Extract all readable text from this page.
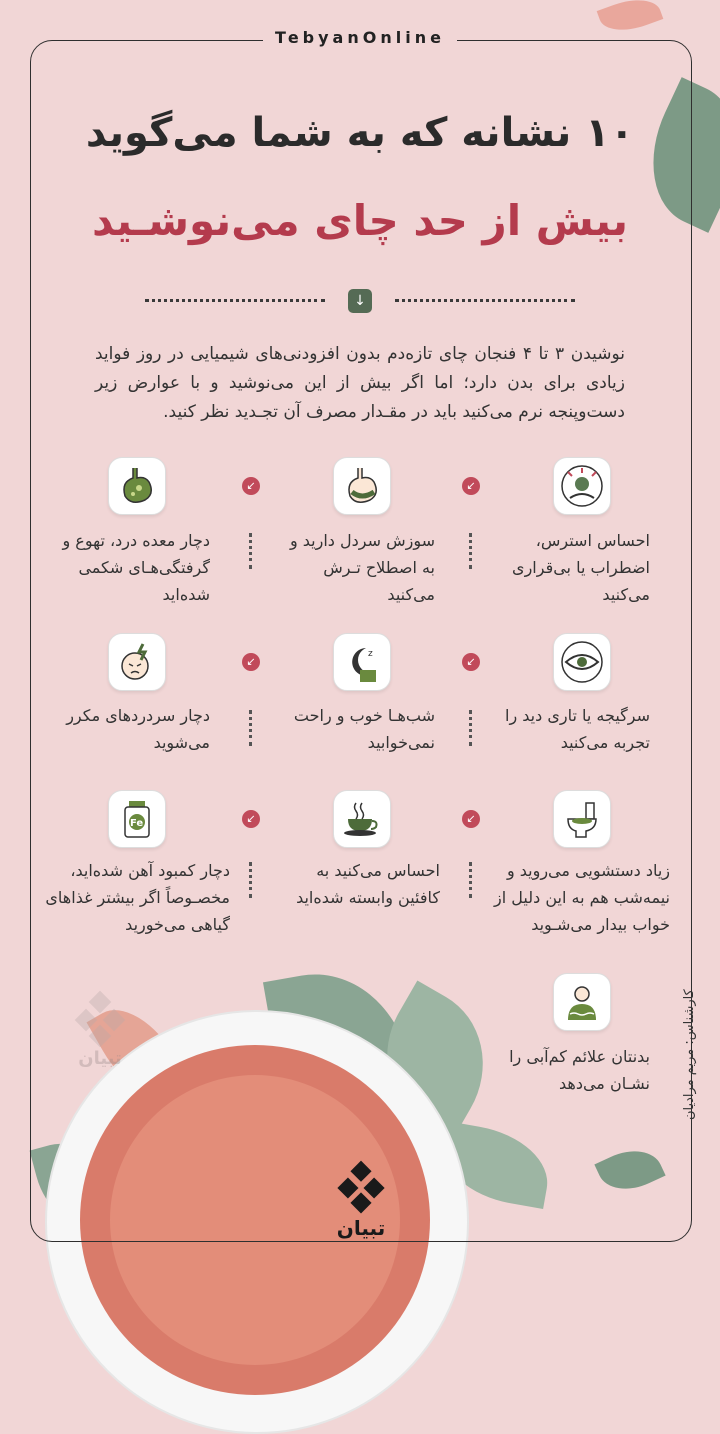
TebyanOnline
۱۰ نشانه که به شما می‌گوید
بیش از حد چای می‌نوشـید
↓
نوشیدن ۳ تا ۴ فنجان چای تازه‌دم بدون افزودنی‌های شیمیایی در روز فواید زیادی برای بدن دارد؛ اما اگر بیش از این می‌نوشید و با عوارض زیر دست‌وپنجه نرم می‌کنید باید در مقـدار مصرف آن تجـدید نظر کنید.
↙
↙
احساس استرس، اضطراب یا بی‌قراری می‌کنید
سوزش سردل دارید و به اصطلاح تـرش می‌کنید
دچار معده درد، تهوع و گرفتگی‌هـای شکمی شده‌اید
z
↙
↙
سرگیجه یا تاری دید را تجربه می‌کنید
شب‌هـا خوب و راحت نمی‌خوابید
دچار سردردهای مکرر می‌شوید
Fe	↙
↙
زیاد دستشویی می‌روید و نیمه‌شب هم به این دلیل از خواب بیدار می‌شـوید
احساس می‌کنید به کافئین وابسته شده‌اید
دچار کمبود آهن شده‌اید، مخصـوصاً اگر بیشتر غذاهای گیاهی می‌خورید
بدنتان علائم کم‌آبی را نشـان می‌دهد کارشناس: مریم مرادیان
تبیان
تبیان
